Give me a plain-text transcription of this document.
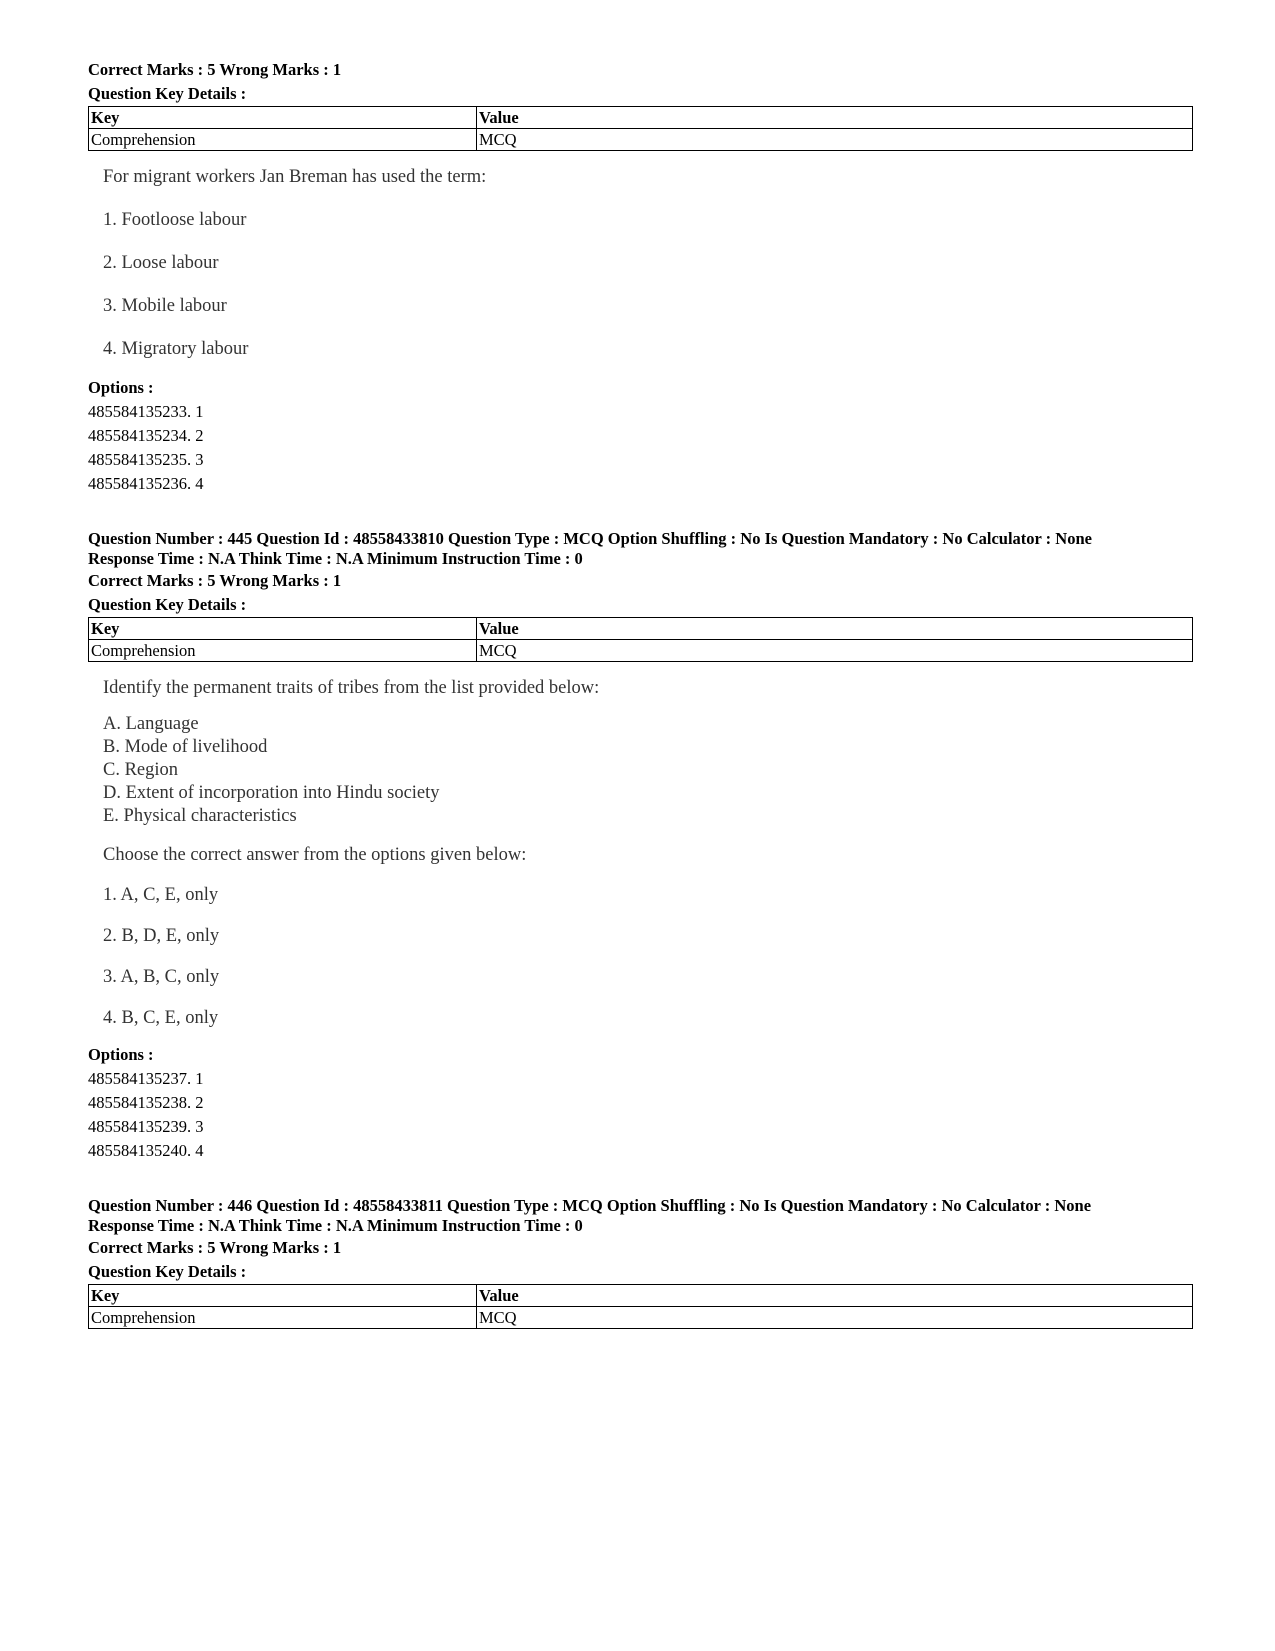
Correct Marks : 5 Wrong Marks : 1
Question Key Details :
Key	Value
Comprehension	MCQ

For migrant workers Jan Breman has used the term:

1. Footloose labour

2. Loose labour

3. Mobile labour

4. Migratory labour

Options :
485584135233. 1
485584135234. 2
485584135235. 3
485584135236. 4
Question Number : 445 Question Id : 48558433810 Question Type : MCQ Option Shuffling : No Is Question Mandatory : No Calculator : None
Response Time : N.A Think Time : N.A Minimum Instruction Time : 0
Correct Marks : 5 Wrong Marks : 1
Question Key Details :
Key	Value
Comprehension	MCQ

Identify the permanent traits of tribes from the list provided below:

A. Language

B. Mode of livelihood

C. Region

D. Extent of incorporation into Hindu society

E. Physical characteristics

Choose the correct answer from the options given below:

1. A, C, E, only

2. B, D, E, only

3. A, B, C, only

4. B, C, E, only

Options :
485584135237. 1
485584135238. 2
485584135239. 3
485584135240. 4
Question Number : 446 Question Id : 48558433811 Question Type : MCQ Option Shuffling : No Is Question Mandatory : No Calculator : None
Response Time : N.A Think Time : N.A Minimum Instruction Time : 0
Correct Marks : 5 Wrong Marks : 1
Question Key Details :
Key	Value
Comprehension	MCQ
